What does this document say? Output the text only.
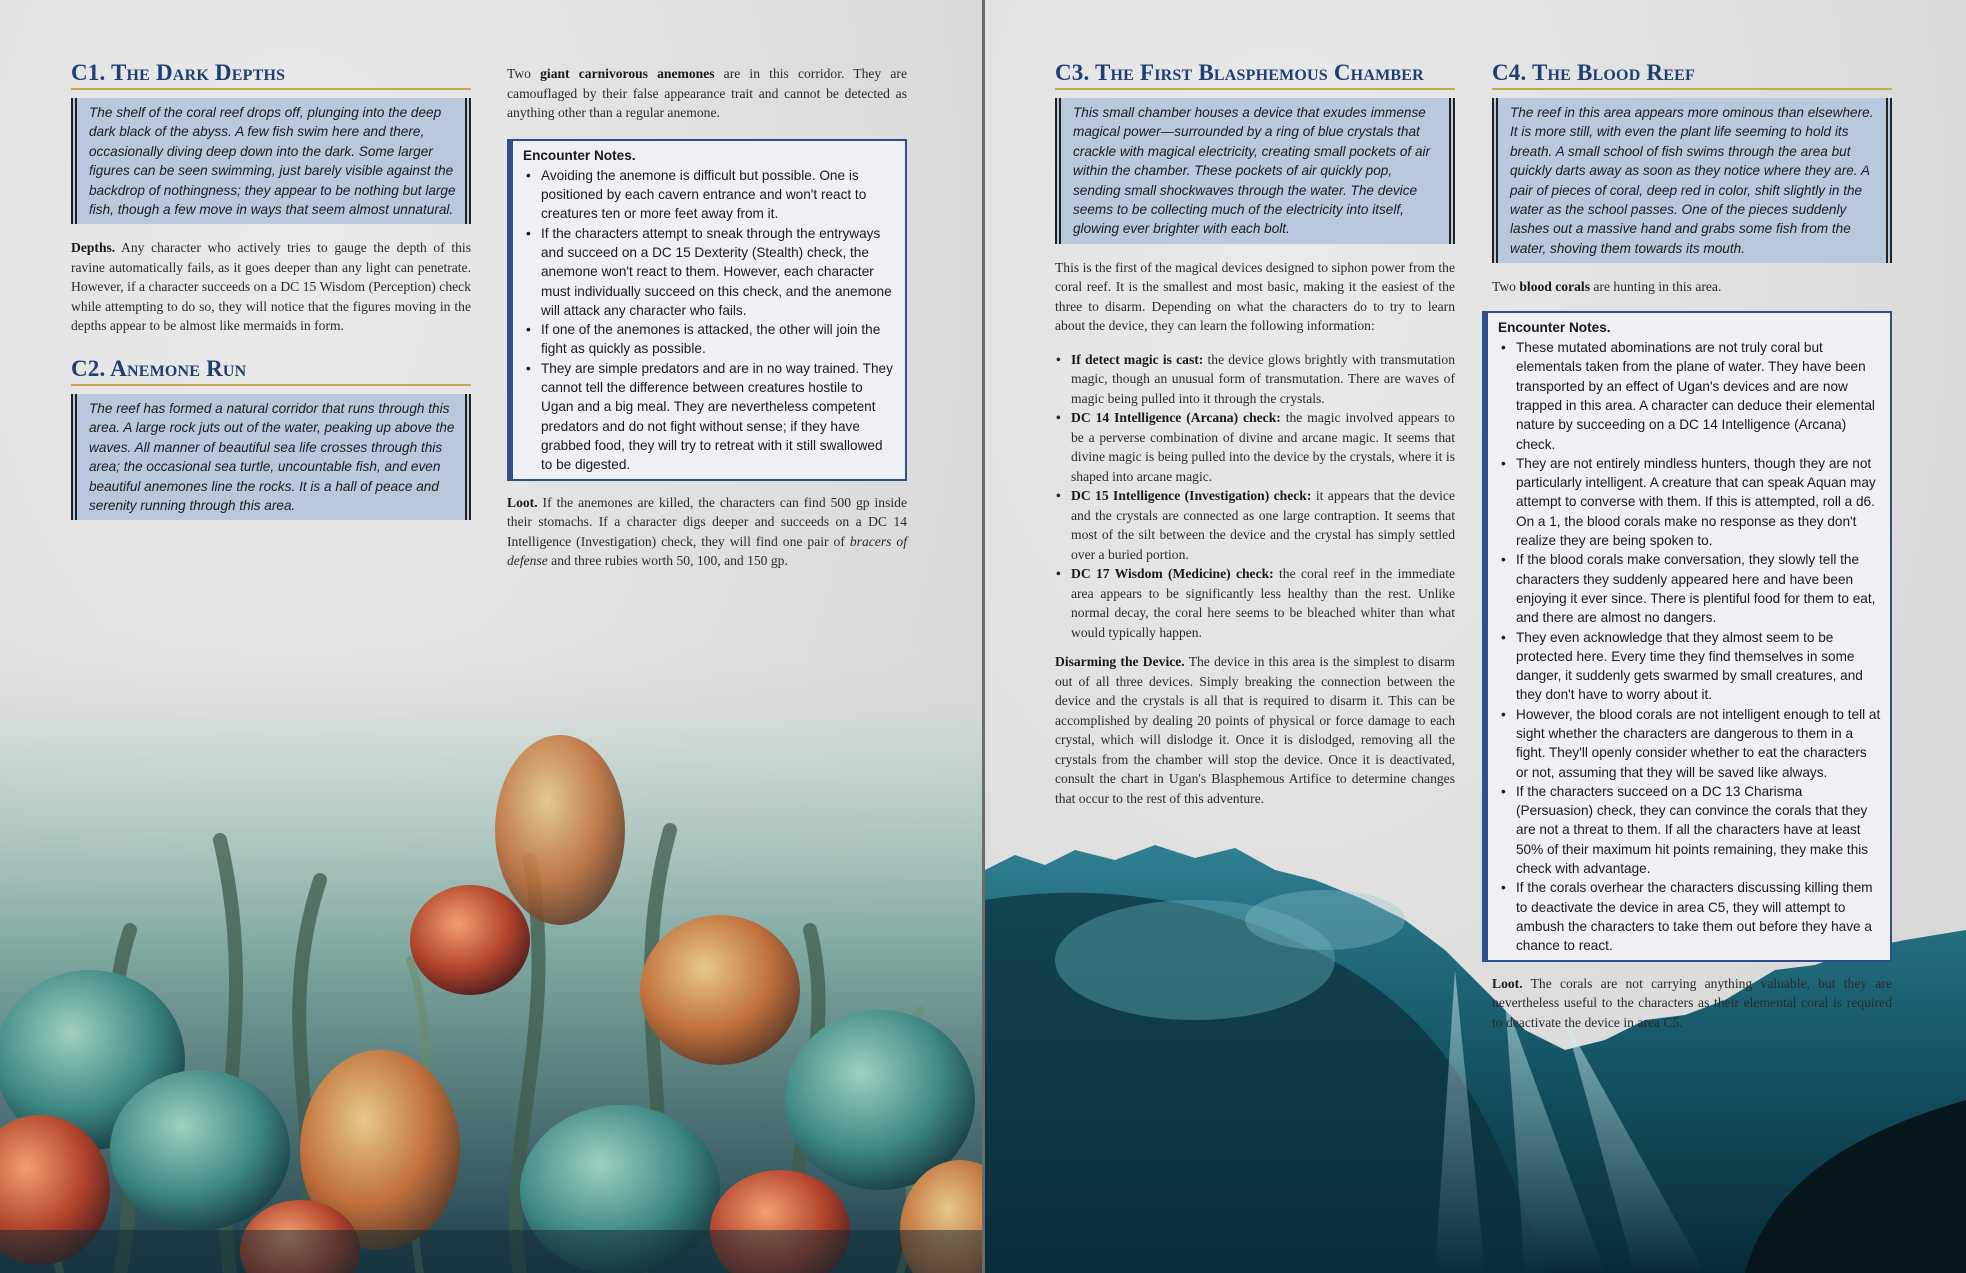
C1. The Dark Depths
The shelf of the coral reef drops off, plunging into the deep dark black of the abyss. A few fish swim here and there, occasionally diving deep down into the dark. Some larger figures can be seen swimming, just barely visible against the backdrop of nothingness; they appear to be nothing but large fish, though a few move in ways that seem almost unnatural.

Depths. Any character who actively tries to gauge the depth of this ravine automatically fails, as it goes deeper than any light can penetrate. However, if a character succeeds on a DC 15 Wisdom (Perception) check while attempting to do so, they will notice that the figures moving in the depths appear to be almost like mermaids in form.

C2. Anemone Run
The reef has formed a natural corridor that runs through this area. A large rock juts out of the water, peaking up above the waves. All manner of beautiful sea life crosses through this area; the occasional sea turtle, uncountable fish, and even beautiful anemones line the rocks. It is a hall of peace and serenity running through this area.

Two giant carnivorous anemones are in this corridor. They are camouflaged by their false appearance trait and cannot be detected as anything other than a regular anemone.

Encounter Notes.
• Avoiding the anemone is difficult but possible. One is positioned by each cavern entrance and won't react to creatures ten or more feet away from it.
• If the characters attempt to sneak through the entryways and succeed on a DC 15 Dexterity (Stealth) check, the anemone won't react to them. However, each character must individually succeed on this check, and the anemone will attack any character who fails.
• If one of the anemones is attacked, the other will join the fight as quickly as possible.
• They are simple predators and are in no way trained. They cannot tell the difference between creatures hostile to Ugan and a big meal. They are nevertheless competent predators and do not fight without sense; if they have grabbed food, they will try to retreat with it still swallowed to be digested.

Loot. If the anemones are killed, the characters can find 500 gp inside their stomachs. If a character digs deeper and succeeds on a DC 14 Intelligence (Investigation) check, they will find one pair of bracers of defense and three rubies worth 50, 100, and 150 gp.

C3. The First Blasphemous Chamber
This small chamber houses a device that exudes immense magical power—surrounded by a ring of blue crystals that crackle with magical electricity, creating small pockets of air within the chamber. These pockets of air quickly pop, sending small shockwaves through the water. The device seems to be collecting much of the electricity into itself, glowing ever brighter with each bolt.

This is the first of the magical devices designed to siphon power from the coral reef. It is the smallest and most basic, making it the easiest of the three to disarm. Depending on what the characters do to try to learn about the device, they can learn the following information:

• If detect magic is cast: the device glows brightly with transmutation magic, though an unusual form of transmutation. There are waves of magic being pulled into it through the crystals.
• DC 14 Intelligence (Arcana) check: the magic involved appears to be a perverse combination of divine and arcane magic. It seems that divine magic is being pulled into the device by the crystals, where it is shaped into arcane magic.
• DC 15 Intelligence (Investigation) check: it appears that the device and the crystals are connected as one large contraption. It seems that most of the silt between the device and the crystal has simply settled over a buried portion.
• DC 17 Wisdom (Medicine) check: the coral reef in the immediate area appears to be significantly less healthy than the rest. Unlike normal decay, the coral here seems to be bleached whiter than what would typically happen.

Disarming the Device. The device in this area is the simplest to disarm out of all three devices. Simply breaking the connection between the device and the crystals is all that is required to disarm it. This can be accomplished by dealing 20 points of physical or force damage to each crystal, which will dislodge it. Once it is dislodged, removing all the crystals from the chamber will stop the device. Once it is deactivated, consult the chart in Ugan's Blasphemous Artifice to determine changes that occur to the rest of this adventure.

C4. The Blood Reef
The reef in this area appears more ominous than elsewhere. It is more still, with even the plant life seeming to hold its breath. A small school of fish swims through the area but quickly darts away as soon as they notice where they are. A pair of pieces of coral, deep red in color, shift slightly in the water as the school passes. One of the pieces suddenly lashes out a massive hand and grabs some fish from the water, shoving them towards its mouth.

Two blood corals are hunting in this area.

Encounter Notes.
• These mutated abominations are not truly coral but elementals taken from the plane of water. They have been transported by an effect of Ugan's devices and are now trapped in this area. A character can deduce their elemental nature by succeeding on a DC 14 Intelligence (Arcana) check.
• They are not entirely mindless hunters, though they are not particularly intelligent. A creature that can speak Aquan may attempt to converse with them. If this is attempted, roll a d6. On a 1, the blood corals make no response as they don't realize they are being spoken to.
• If the blood corals make conversation, they slowly tell the characters they suddenly appeared here and have been enjoying it ever since. There is plentiful food for them to eat, and there are almost no dangers.
• They even acknowledge that they almost seem to be protected here. Every time they find themselves in some danger, it suddenly gets swarmed by small creatures, and they don't have to worry about it.
• However, the blood corals are not intelligent enough to tell at sight whether the characters are dangerous to them in a fight. They'll openly consider whether to eat the characters or not, assuming that they will be saved like always.
• If the characters succeed on a DC 13 Charisma (Persuasion) check, they can convince the corals that they are not a threat to them. If all the characters have at least 50% of their maximum hit points remaining, they make this check with advantage.
• If the corals overhear the characters discussing killing them to deactivate the device in area C5, they will attempt to ambush the characters to take them out before they have a chance to react.

Loot. The corals are not carrying anything valuable, but they are nevertheless useful to the characters as their elemental coral is required to deactivate the device in area C5.
